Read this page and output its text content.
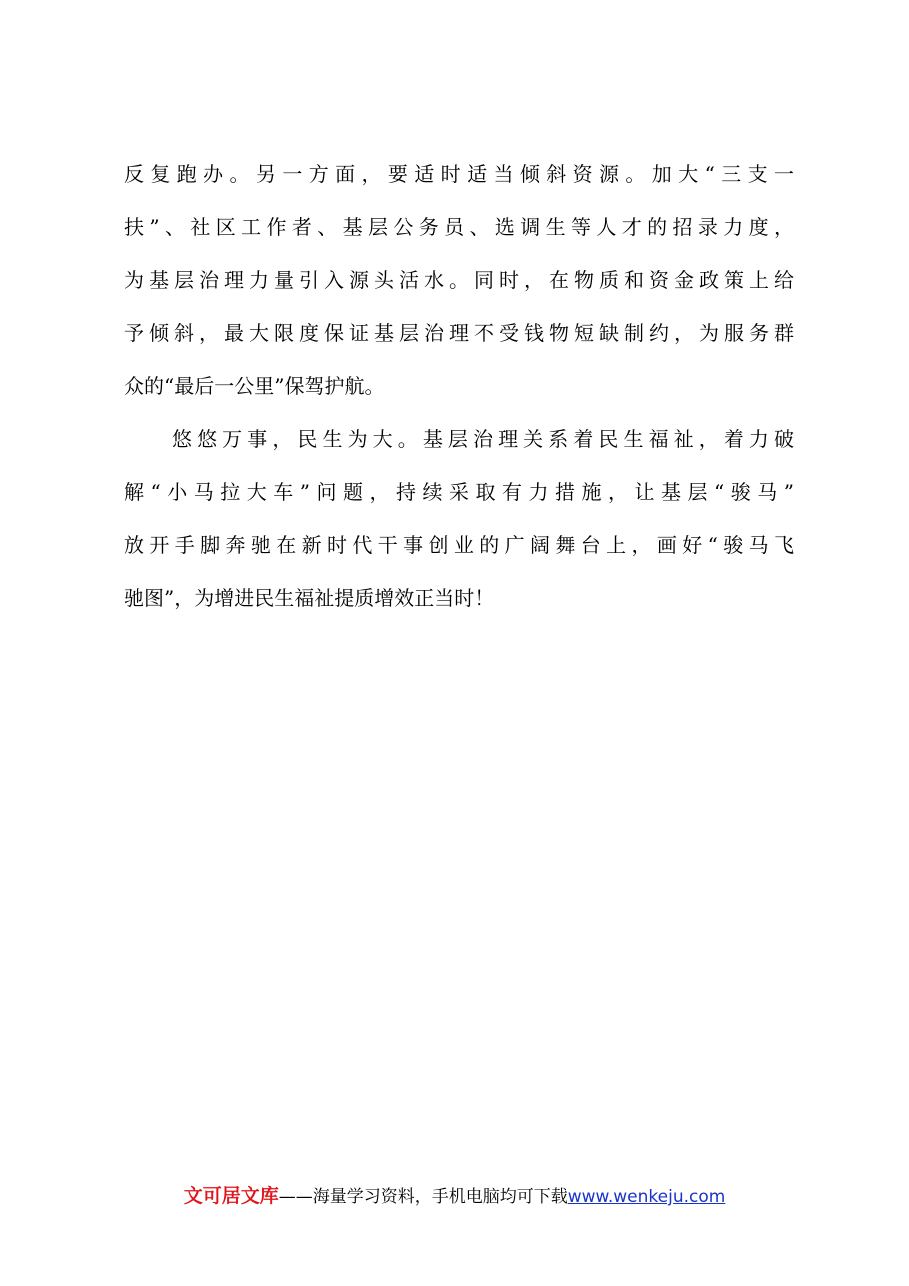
反复跑办。另一方面，要适时适当倾斜资源。加大“三支一
扶”、社区工作者、基层公务员、选调生等人才的招录力度，
为基层治理力量引入源头活水。同时，在物质和资金政策上给
予倾斜，最大限度保证基层治理不受钱物短缺制约，为服务群
众的“最后一公里”保驾护航。
悠悠万事，民生为大。基层治理关系着民生福祉，着力破
解“小马拉大车”问题，持续采取有力措施，让基层“骏马”
放开手脚奔驰在新时代干事创业的广阔舞台上，画好“骏马飞
驰图”，为增进民生福祉提质增效正当时！
文可居文库——海量学习资料，手机电脑均可下载www.wenkeju.com
